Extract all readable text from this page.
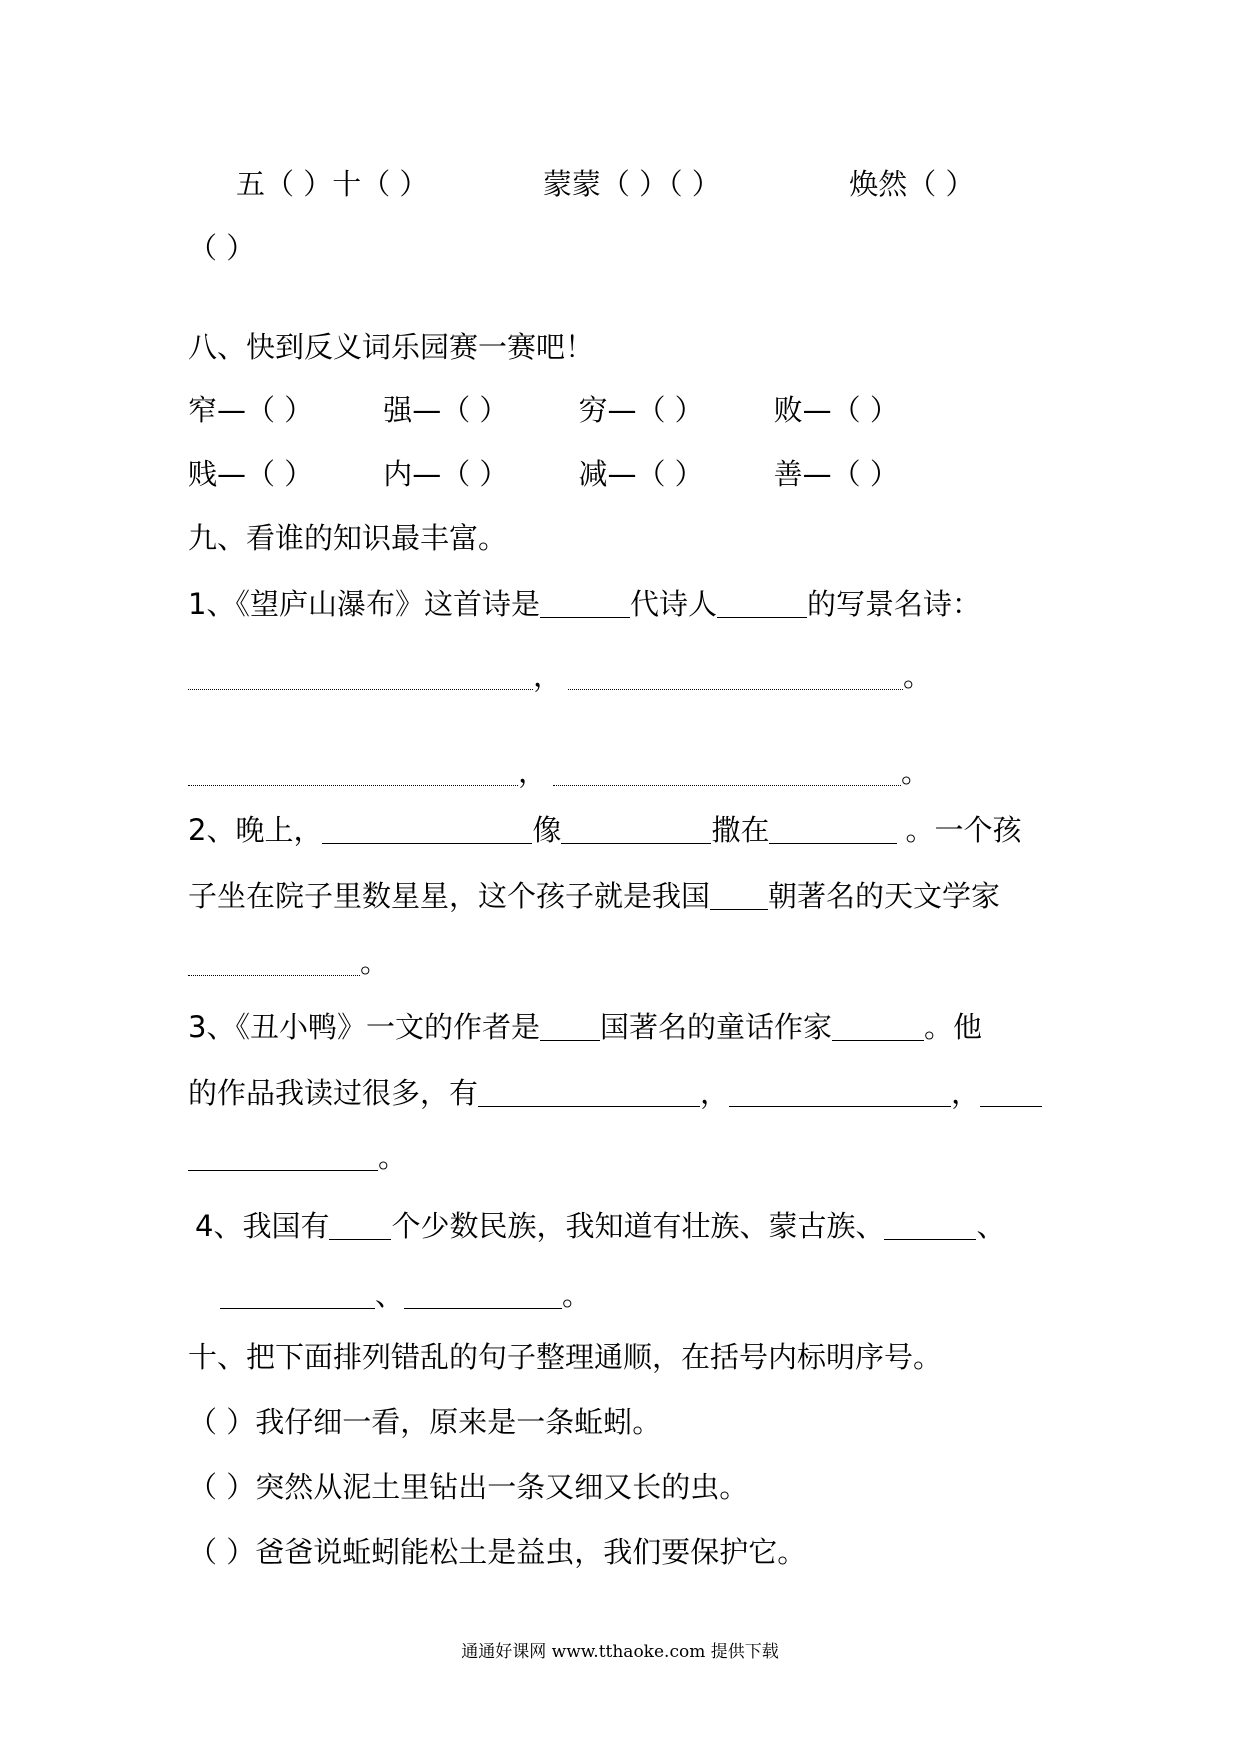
五（ ）十（ ）	蒙蒙（ ）（ ）	焕然（ ）
（ ）
八、快到反义词乐园赛一赛吧！
窄—（ ） 强—（ ） 穷—（ ） 败—（ ）
贱—（ ） 内—（ ） 减—（ ） 善—（ ）
九、看谁的知识最丰富。
1、《望庐山瀑布》这首诗是	代诗人	的写景名诗：
，	。
，	。
2、晚上，	像	撒在	。一个孩
子坐在院子里数星星，这个孩子就是我国 朝著名的天文学家
。
3、《丑小鸭》一文的作者是 国著名的童话作家	。他
的作品我读过很多，有	，	，
。
4、我国有 个少数民族，我知道有壮族、蒙古族、	、
、	。
十、把下面排列错乱的句子整理通顺，在括号内标明序号。
（ ）我仔细一看，原来是一条蚯蚓。
（ ）突然从泥土里钻出一条又细又长的虫。
（ ）爸爸说蚯蚓能松土是益虫，我们要保护它。
通通好课网 www.tthaoke.com 提供下载
